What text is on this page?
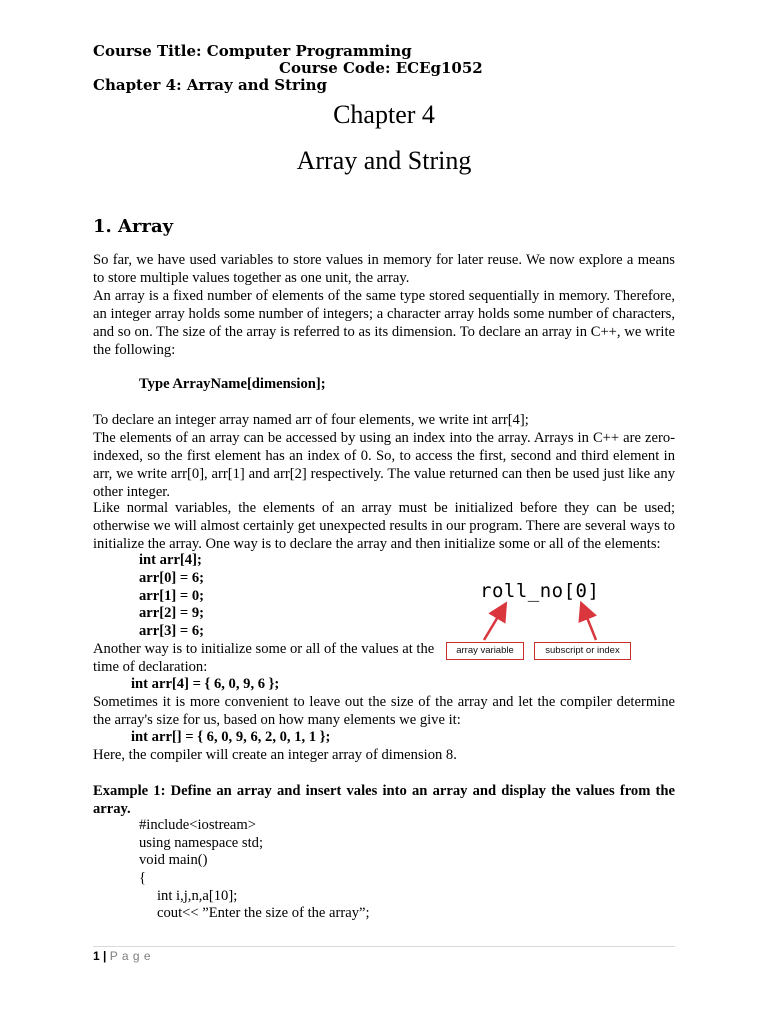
Course Title: Computer Programming
Course Code: ECEg1052
Chapter 4: Array and String
Chapter 4
Array and String
1. Array
So far, we have used variables to store values in memory for later reuse. We now explore a means to store multiple values together as one unit, the array.
An array is a fixed number of elements of the same type stored sequentially in memory. Therefore, an integer array holds some number of integers; a character array holds some number of characters, and so on. The size of the array is referred to as its dimension. To declare an array in C++, we write the following:
Type ArrayName[dimension];
To declare an integer array named arr of four elements, we write int arr[4];
The elements of an array can be accessed by using an index into the array. Arrays in C++ are zero-indexed, so the first element has an index of 0. So, to access the first, second and third element in arr, we write arr[0], arr[1] and arr[2] respectively. The value returned can then be used just like any other integer.
Like normal variables, the elements of an array must be initialized before they can be used; otherwise we will almost certainly get unexpected results in our program. There are several ways to initialize the array. One way is to declare the array and then initialize some or all of the elements:
int arr[4];
arr[0] = 6;
arr[1] = 0;
arr[2] = 9;
arr[3] = 6;
roll_no[0]
array variable	subscript or index
Another way is to initialize some or all of the values at the
time of declaration:
int arr[4] = { 6, 0, 9, 6 };
Sometimes it is more convenient to leave out the size of the array and let the compiler determine the array's size for us, based on how many elements we give it:
int arr[] = { 6, 0, 9, 6, 2, 0, 1, 1 };
Here, the compiler will create an integer array of dimension 8.
Example 1: Define an array and insert vales into an array and display the values from the array.
#include<iostream>
using namespace std;
void main()
{
int i,j,n,a[10];
cout<< ”Enter the size of the array”;
1 | P a g e
